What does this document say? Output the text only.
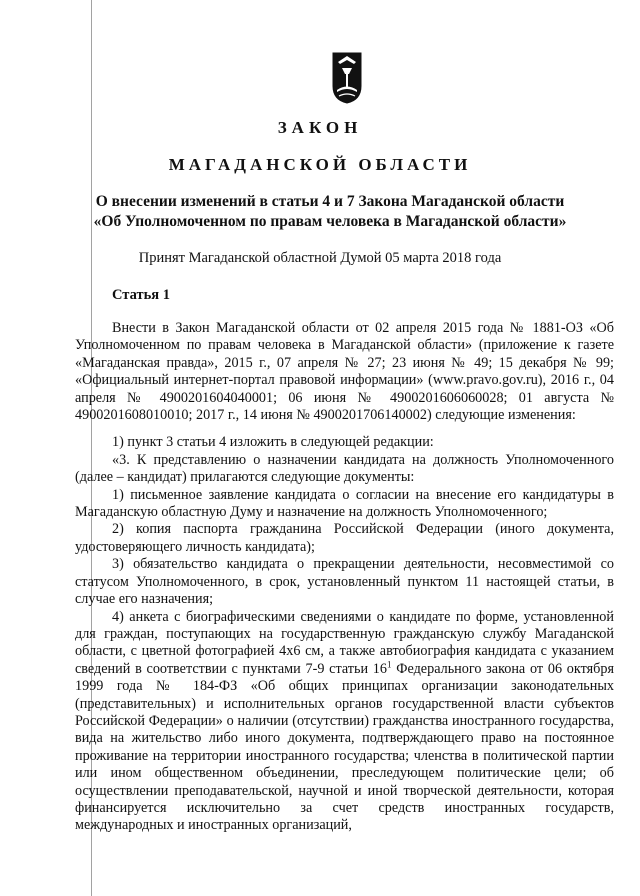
ЗАКОН
МАГАДАНСКОЙ ОБЛАСТИ
О внесении изменений в статьи 4 и 7 Закона Магаданской области
«Об Уполномоченном по правам человека в Магаданской области»
Принят Магаданской областной Думой 05 марта 2018 года
Статья 1

Внести в Закон Магаданской области от 02 апреля 2015 года № 1881-ОЗ «Об Уполномоченном по правам человека в Магаданской области» (приложение к газете «Магаданская правда», 2015 г., 07 апреля № 27; 23 июня № 49; 15 декабря № 99; «Официальный интернет-портал правовой информации» (www.pravo.gov.ru), 2016 г., 04 апреля № 4900201604040001; 06 июня № 4900201606060028; 01 августа № 4900201608010010; 2017 г., 14 июня № 4900201706140002) следующие изменения:

1) пункт 3 статьи 4 изложить в следующей редакции:

«3. К представлению о назначении кандидата на должность Уполномоченного (далее – кандидат) прилагаются следующие документы:

1) письменное заявление кандидата о согласии на внесение его кандидатуры в Магаданскую областную Думу и назначение на должность Уполномоченного;

2) копия паспорта гражданина Российской Федерации (иного документа, удостоверяющего личность кандидата);

3) обязательство кандидата о прекращении деятельности, несовместимой со статусом Уполномоченного, в срок, установленный пунктом 11 настоящей статьи, в случае его назначения;

4) анкета с биографическими сведениями о кандидате по форме, установленной для граждан, поступающих на государственную гражданскую службу Магаданской области, с цветной фотографией 4х6 см, а также автобиография кандидата с указанием сведений в соответствии с пунктами 7-9 статьи $16^1$ Федерального закона от 06 октября 1999 года № 184-ФЗ «Об общих принципах организации законодательных (представительных) и исполнительных органов государственной власти субъектов Российской Федерации» о наличии (отсутствии) гражданства иностранного государства, вида на жительство либо иного документа, подтверждающего право на постоянное проживание на территории иностранного государства; членства в политической партии или ином общественном объединении, преследующем политические цели; об осуществлении преподавательской, научной и иной творческой деятельности, которая финансируется исключительно за счет средств иностранных государств, международных и иностранных организаций,
